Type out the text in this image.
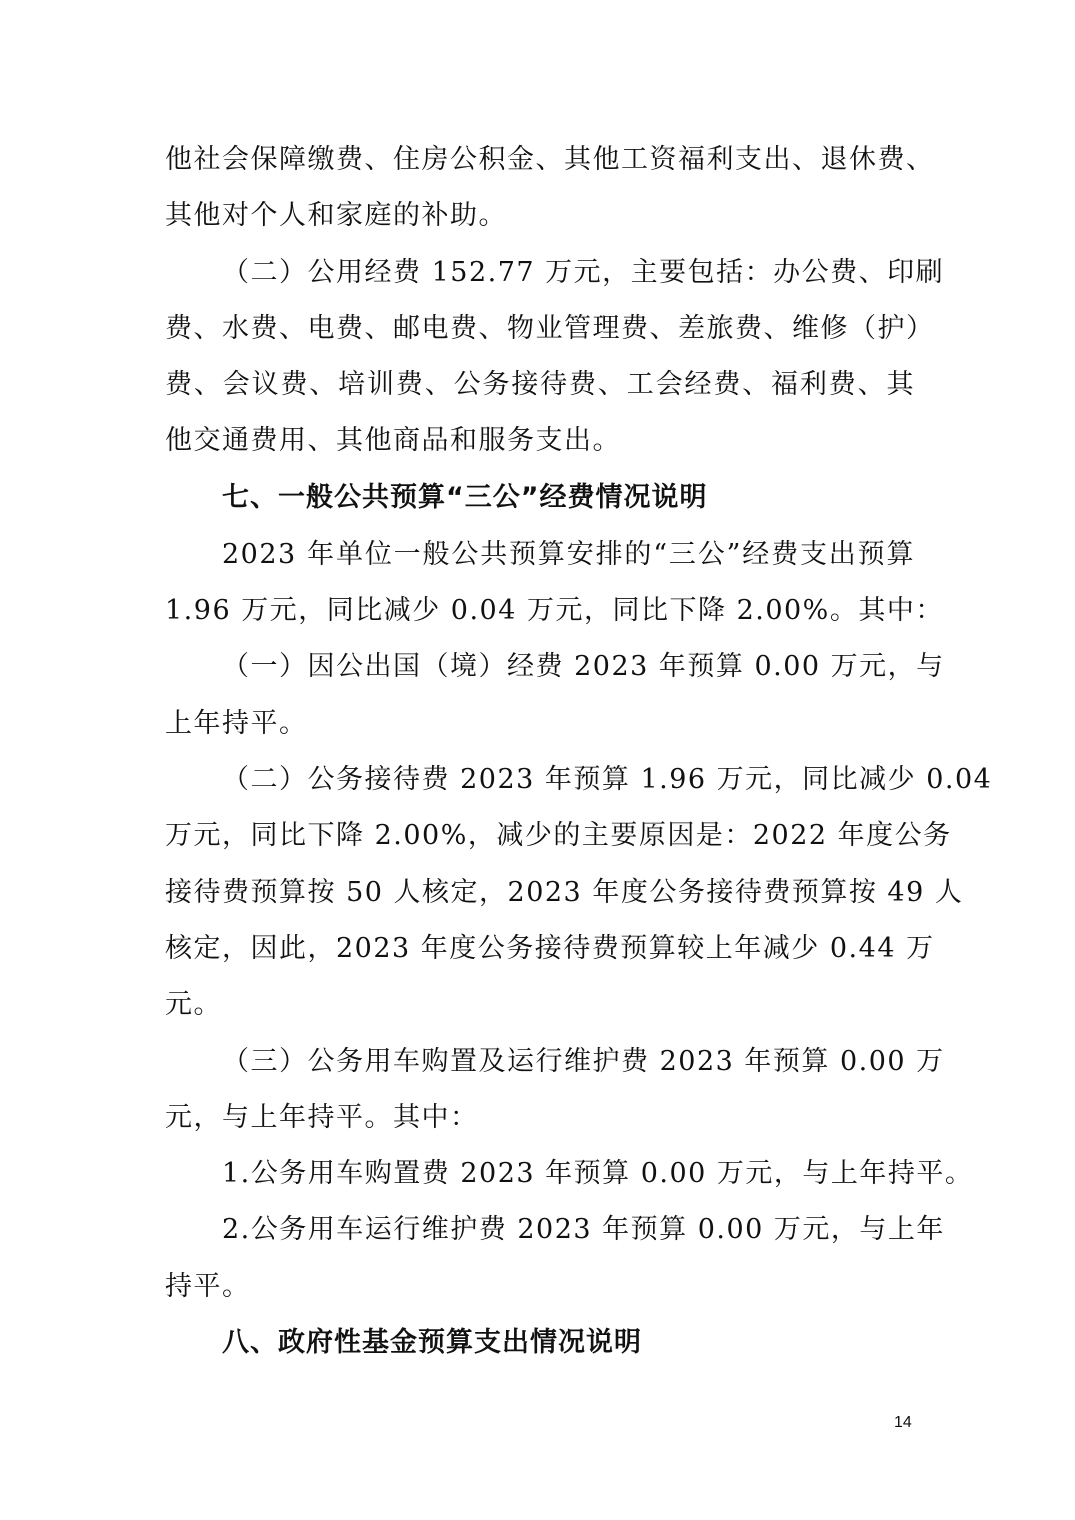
他社会保障缴费、住房公积金、其他工资福利支出、退休费、
其他对个人和家庭的补助。
（二）公用经费 152.77 万元，主要包括：办公费、印刷
费、水费、电费、邮电费、物业管理费、差旅费、维修（护）
费、会议费、培训费、公务接待费、工会经费、福利费、其
他交通费用、其他商品和服务支出。
七、一般公共预算“三公”经费情况说明
2023 年单位一般公共预算安排的“三公”经费支出预算
1.96 万元，同比减少 0.04 万元，同比下降 2.00%。其中：
（一）因公出国（境）经费 2023 年预算 0.00 万元，与
上年持平。
（二）公务接待费 2023 年预算 1.96 万元，同比减少 0.04
万元，同比下降 2.00%，减少的主要原因是：2022 年度公务
接待费预算按 50 人核定，2023 年度公务接待费预算按 49 人
核定，因此，2023 年度公务接待费预算较上年减少 0.44 万
元。
（三）公务用车购置及运行维护费 2023 年预算 0.00 万
元，与上年持平。其中：
1.公务用车购置费 2023 年预算 0.00 万元，与上年持平。
2.公务用车运行维护费 2023 年预算 0.00 万元，与上年
持平。
八、政府性基金预算支出情况说明
14
